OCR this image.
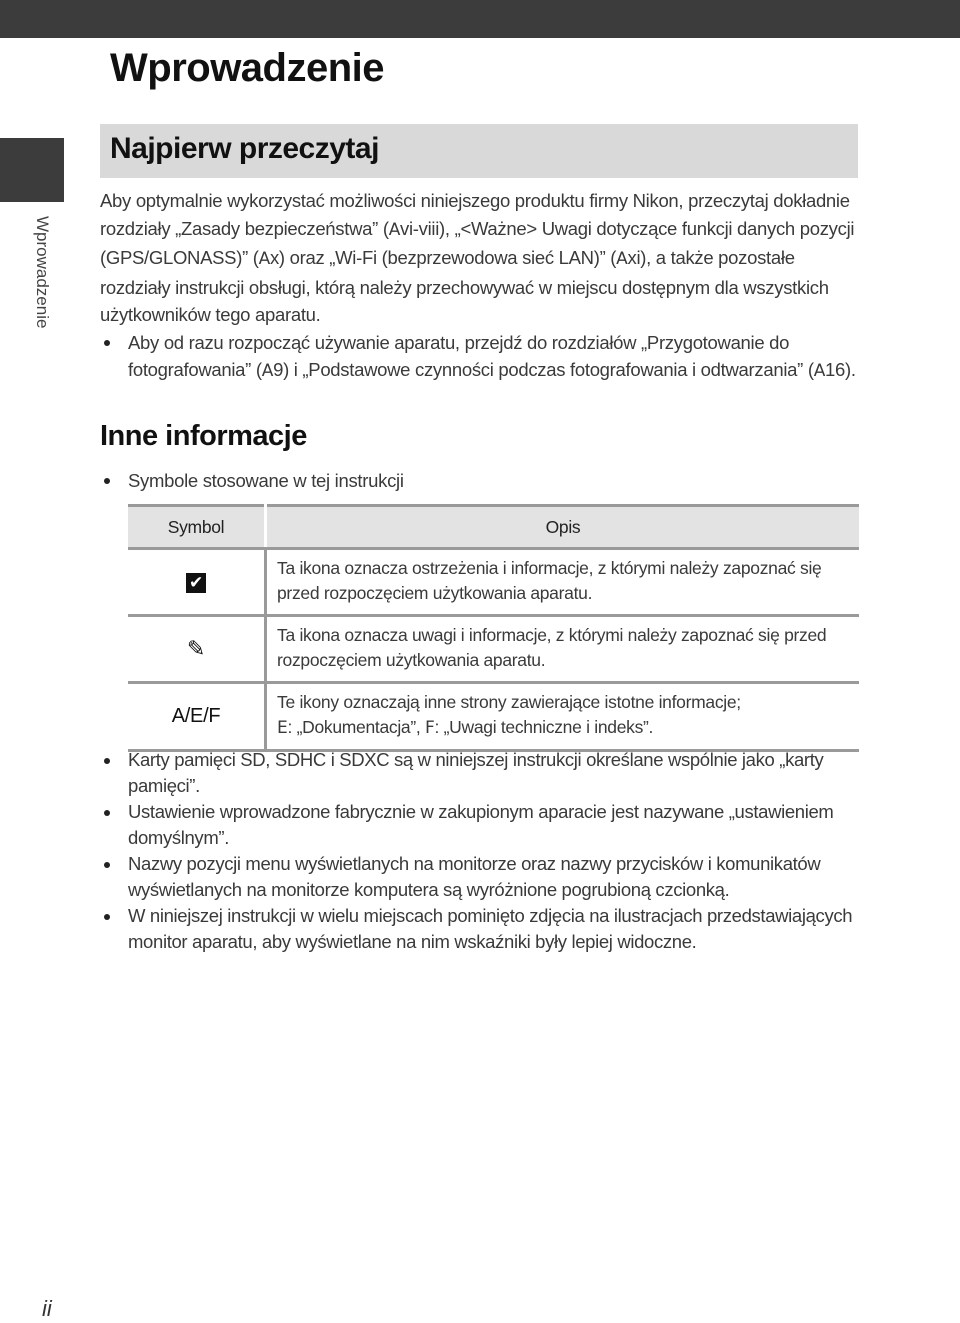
Wprowadzenie
Wprowadzenie
Najpierw przeczytaj

Aby optymalnie wykorzystać możliwości niniejszego produktu firmy Nikon, przeczytaj dokładnie rozdziały „Zasady bezpieczeństwa” (Avi-viii), „<Ważne> Uwagi dotyczące funkcji danych pozycji (GPS/GLONASS)” (Ax) oraz „Wi-Fi (bezprzewodowa sieć LAN)” (Axi), a także pozostałe rozdziały instrukcji obsługi, którą należy przechowywać w miejscu dostępnym dla wszystkich użytkowników tego aparatu.

Aby od razu rozpocząć używanie aparatu, przejdź do rozdziałów „Przygotowanie do fotografowania” (A9) i „Podstawowe czynności podczas fotografowania i odtwarzania” (A16).

Inne informacje

Symbole stosowane w tej instrukcji

Symbol	Opis
✔	Ta ikona oznacza ostrzeżenia i informacje, z którymi należy zapoznać się przed rozpoczęciem użytkowania aparatu.
✎	Ta ikona oznacza uwagi i informacje, z którymi należy zapoznać się przed rozpoczęciem użytkowania aparatu.
A/E/F	Te ikony oznaczają inne strony zawierające istotne informacje;
E: „Dokumentacja”, F: „Uwagi techniczne i indeks”.

Karty pamięci SD, SDHC i SDXC są w niniejszej instrukcji określane wspólnie jako „karty pamięci”.

Ustawienie wprowadzone fabrycznie w zakupionym aparacie jest nazywane „ustawieniem domyślnym”.

Nazwy pozycji menu wyświetlanych na monitorze oraz nazwy przycisków i komunikatów wyświetlanych na monitorze komputera są wyróżnione pogrubioną czcionką.

W niniejszej instrukcji w wielu miejscach pominięto zdjęcia na ilustracjach przedstawiających monitor aparatu, aby wyświetlane na nim wskaźniki były lepiej widoczne.

ii
